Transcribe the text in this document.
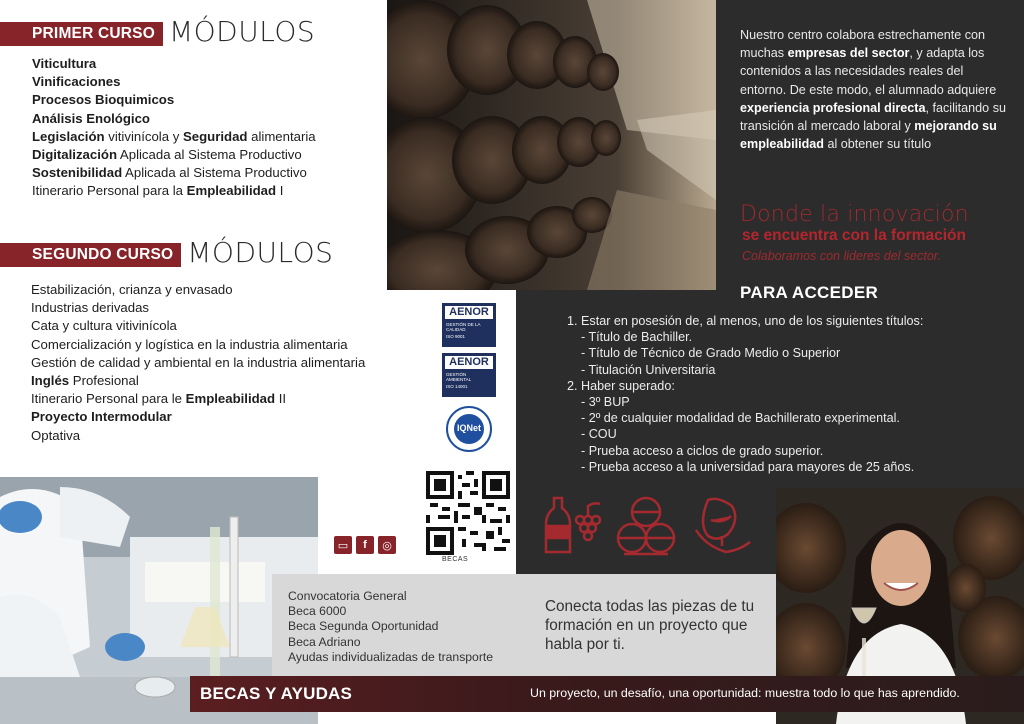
PRIMER CURSO MÓDULOS
Viticultura
Vinificaciones
Procesos Bioquimicos
Análisis Enológico
Legislación vitivinícola y Seguridad alimentaria
Digitalización Aplicada al Sistema Productivo
Sostenibilidad Aplicada al Sistema Productivo
Itinerario Personal para la Empleabilidad I
SEGUNDO CURSO MÓDULOS
Estabilización, crianza y envasado
Industrias derivadas
Cata y cultura vitivinícola
Comercialización y logística en la industria alimentaria
Gestión de calidad y ambiental en la industria alimentaria
Inglés Profesional
Itinerario Personal para le Empleabilidad II
Proyecto Intermodular
Optativa
Nuestro centro colabora estrechamente con muchas empresas del sector, y adapta los contenidos a las necesidades reales del entorno. De este modo, el alumnado adquiere experiencia profesional directa, facilitando su transición al mercado laboral y mejorando su empleabilidad al obtener su título
Donde la innovación
se encuentra con la formación
Colaboramos con lideres del sector.
PARA ACCEDER
1. Estar en posesión de, al menos, uno de los siguientes títulos:
- Título de Bachiller.
- Título de Técnico de Grado Medio o Superior
- Titulación Universitaria
2. Haber superado:
- 3º BUP
- 2º de cualquier modalidad de Bachillerato experimental.
- COU
- Prueba acceso a ciclos de grado superior.
- Prueba acceso a la universidad para mayores de 25 años.
AENOR
GESTIÓN DE LA CALIDAD
ISO 9001
AENOR
GESTIÓN AMBIENTAL
ISO 14001
IQNet
BECAS
▭	f	◎
Convocatoria General
Beca 6000
Beca Segunda Oportunidad
Beca Adriano
Ayudas individualizadas de transporte
Conecta todas las piezas de tu formación en un proyecto que habla por ti.
BECAS Y AYUDAS	Un proyecto, un desafío, una oportunidad: muestra todo lo que has aprendido.
